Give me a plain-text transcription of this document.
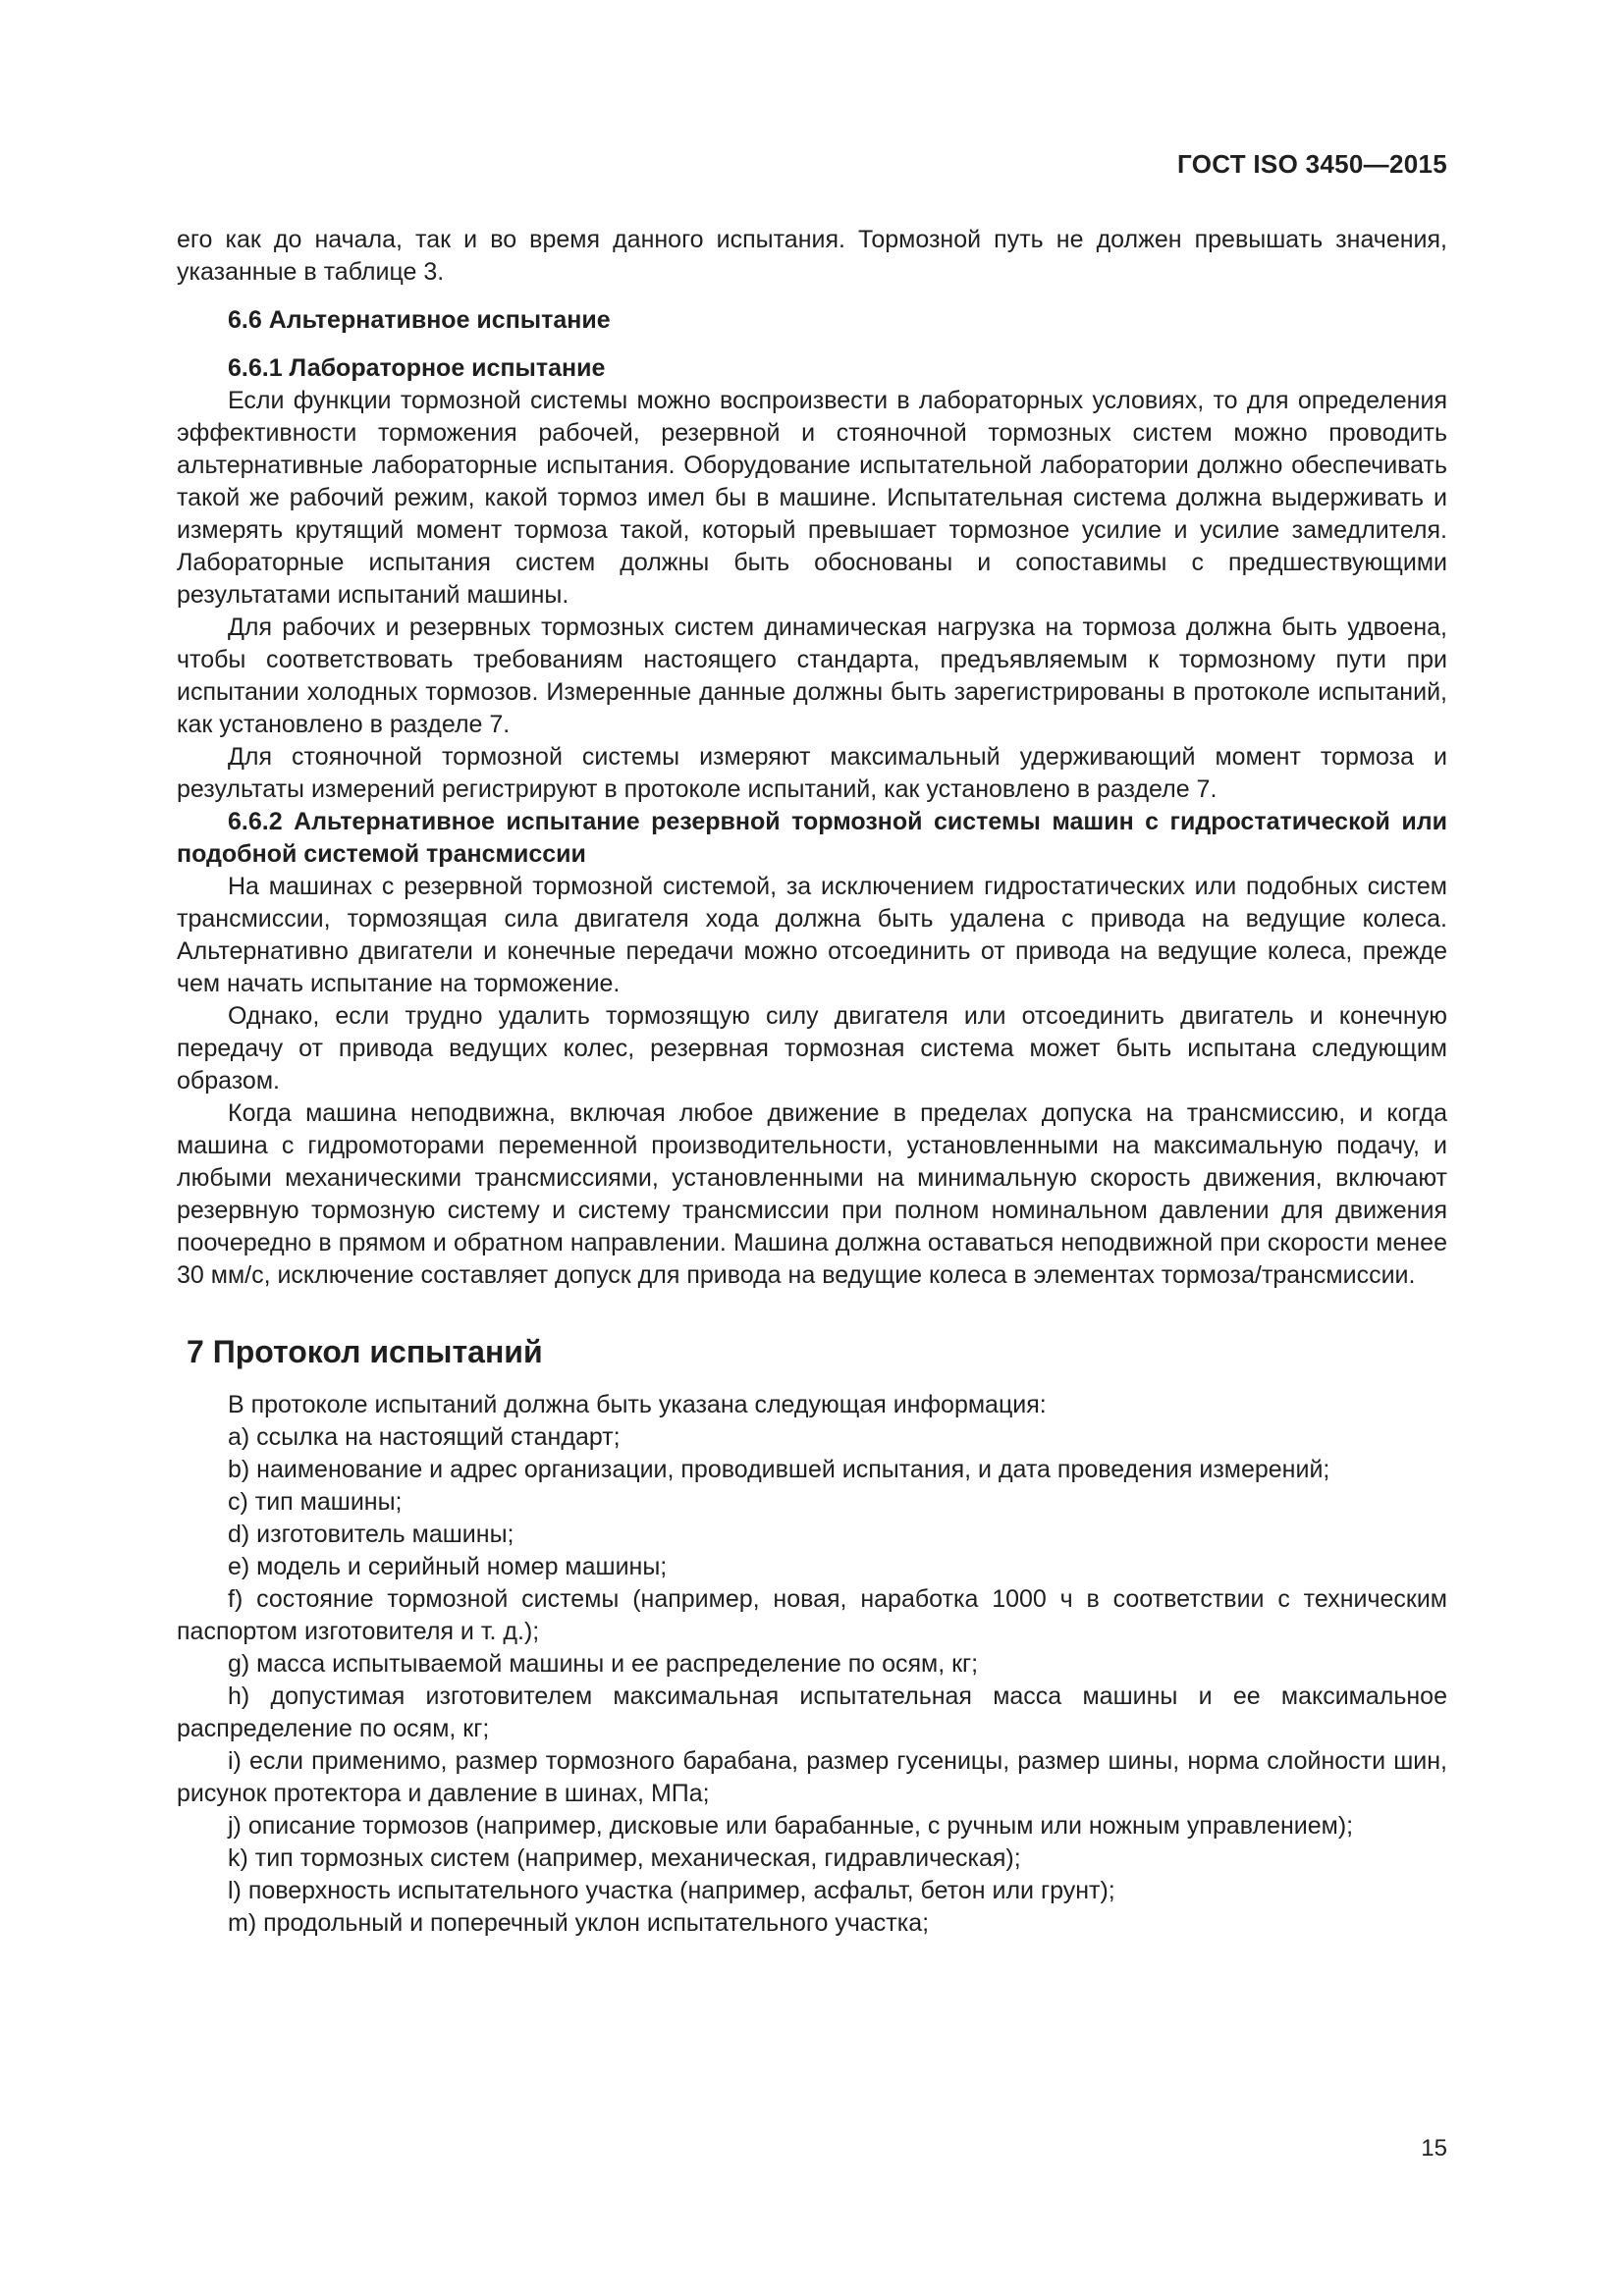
ГОСТ ISO 3450—2015

его как до начала, так и во время данного испытания. Тормозной путь не должен превышать значения, указанные в таблице 3.

6.6 Альтернативное испытание
6.6.1 Лабораторное испытание

Если функции тормозной системы можно воспроизвести в лабораторных условиях, то для определения эффективности торможения рабочей, резервной и стояночной тормозных систем можно проводить альтернативные лабораторные испытания. Оборудование испытательной лаборатории должно обеспечивать такой же рабочий режим, какой тормоз имел бы в машине. Испытательная система должна выдерживать и измерять крутящий момент тормоза такой, который превышает тормозное усилие и усилие замедлителя. Лабораторные испытания систем должны быть обоснованы и сопоставимы с предшествующими результатами испытаний машины.

Для рабочих и резервных тормозных систем динамическая нагрузка на тормоза должна быть удвоена, чтобы соответствовать требованиям настоящего стандарта, предъявляемым к тормозному пути при испытании холодных тормозов. Измеренные данные должны быть зарегистрированы в протоколе испытаний, как установлено в разделе 7.

Для стояночной тормозной системы измеряют максимальный удерживающий момент тормоза и результаты измерений регистрируют в протоколе испытаний, как установлено в разделе 7.

6.6.2 Альтернативное испытание резервной тормозной системы машин с гидростатической или подобной системой трансмиссии

На машинах с резервной тормозной системой, за исключением гидростатических или подобных систем трансмиссии, тормозящая сила двигателя хода должна быть удалена с привода на ведущие колеса. Альтернативно двигатели и конечные передачи можно отсоединить от привода на ведущие колеса, прежде чем начать испытание на торможение.

Однако, если трудно удалить тормозящую силу двигателя или отсоединить двигатель и конечную передачу от привода ведущих колес, резервная тормозная система может быть испытана следующим образом.

Когда машина неподвижна, включая любое движение в пределах допуска на трансмиссию, и когда машина с гидромоторами переменной производительности, установленными на максимальную подачу, и любыми механическими трансмиссиями, установленными на минимальную скорость движения, включают резервную тормозную систему и систему трансмиссии при полном номинальном давлении для движения поочередно в прямом и обратном направлении. Машина должна оставаться неподвижной при скорости менее 30 мм/с, исключение составляет допуск для привода на ведущие колеса в элементах тормоза/трансмиссии.

7 Протокол испытаний

В протоколе испытаний должна быть указана следующая информация:

a) ссылка на настоящий стандарт;

b) наименование и адрес организации, проводившей испытания, и дата проведения измерений;

c) тип машины;

d) изготовитель машины;

e) модель и серийный номер машины;

f) состояние тормозной системы (например, новая, наработка 1000 ч в соответствии с техническим паспортом изготовителя и т. д.);

g) масса испытываемой машины и ее распределение по осям, кг;

h) допустимая изготовителем максимальная испытательная масса машины и ее максимальное распределение по осям, кг;

i) если применимо, размер тормозного барабана, размер гусеницы, размер шины, норма слойности шин, рисунок протектора и давление в шинах, МПа;

j) описание тормозов (например, дисковые или барабанные, с ручным или ножным управлением);

k) тип тормозных систем (например, механическая, гидравлическая);

l) поверхность испытательного участка (например, асфальт, бетон или грунт);

m) продольный и поперечный уклон испытательного участка;

15
